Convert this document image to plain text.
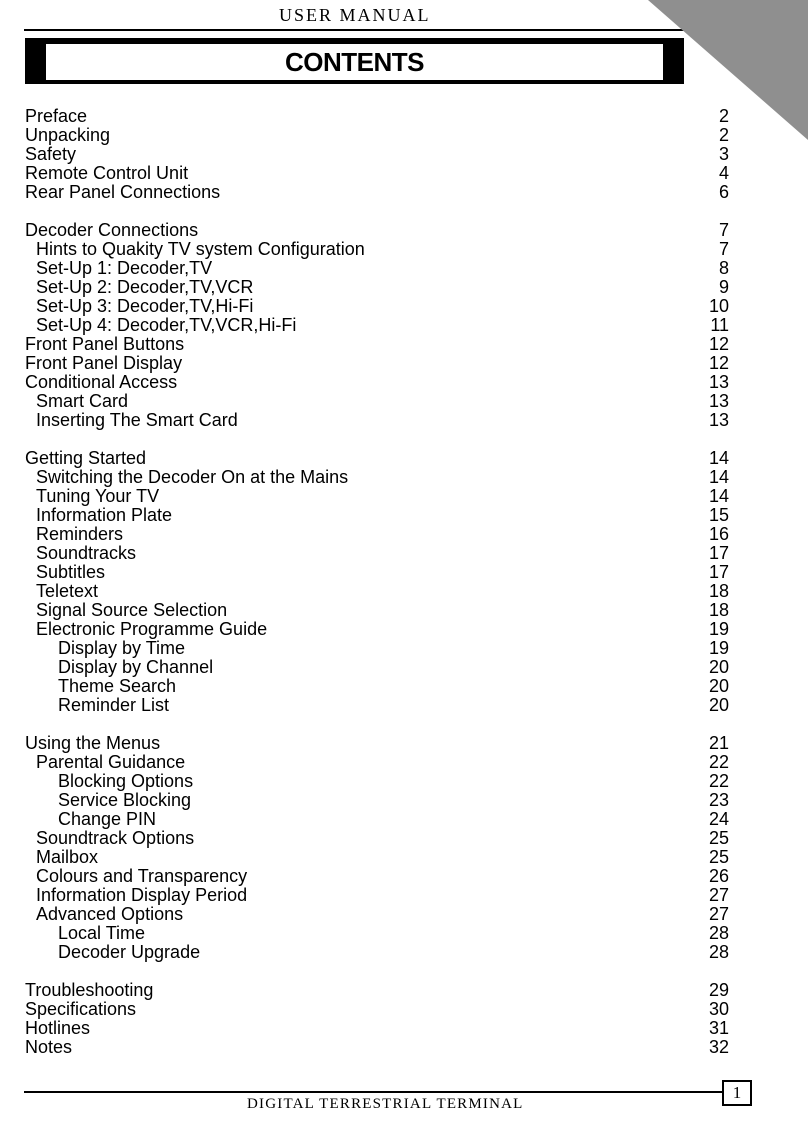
USER MANUAL
CONTENTS
Preface	2
Unpacking	2
Safety	3
Remote Control Unit	4
Rear Panel Connections	6
Decoder Connections	7
Hints to Quakity TV system Configuration	7
Set-Up 1: Decoder,TV	8
Set-Up 2: Decoder,TV,VCR	9
Set-Up 3: Decoder,TV,Hi-Fi	10
Set-Up 4: Decoder,TV,VCR,Hi-Fi	11
Front Panel Buttons	12
Front Panel Display	12
Conditional Access	13
Smart Card	13
Inserting The Smart Card	13
Getting Started	14
Switching the Decoder On at the Mains	14
Tuning Your TV	14
Information Plate	15
Reminders	16
Soundtracks	17
Subtitles	17
Teletext	18
Signal Source Selection	18
Electronic Programme Guide	19
Display by Time	19
Display by Channel	20
Theme Search	20
Reminder List	20
Using the Menus	21
Parental Guidance	22
Blocking Options	22
Service Blocking	23
Change PIN	24
Soundtrack Options	25
Mailbox	25
Colours and Transparency	26
Information Display Period	27
Advanced Options	27
Local Time	28
Decoder Upgrade	28
Troubleshooting	29
Specifications	30
Hotlines	31
Notes	32
1
DIGITAL TERRESTRIAL TERMINAL
